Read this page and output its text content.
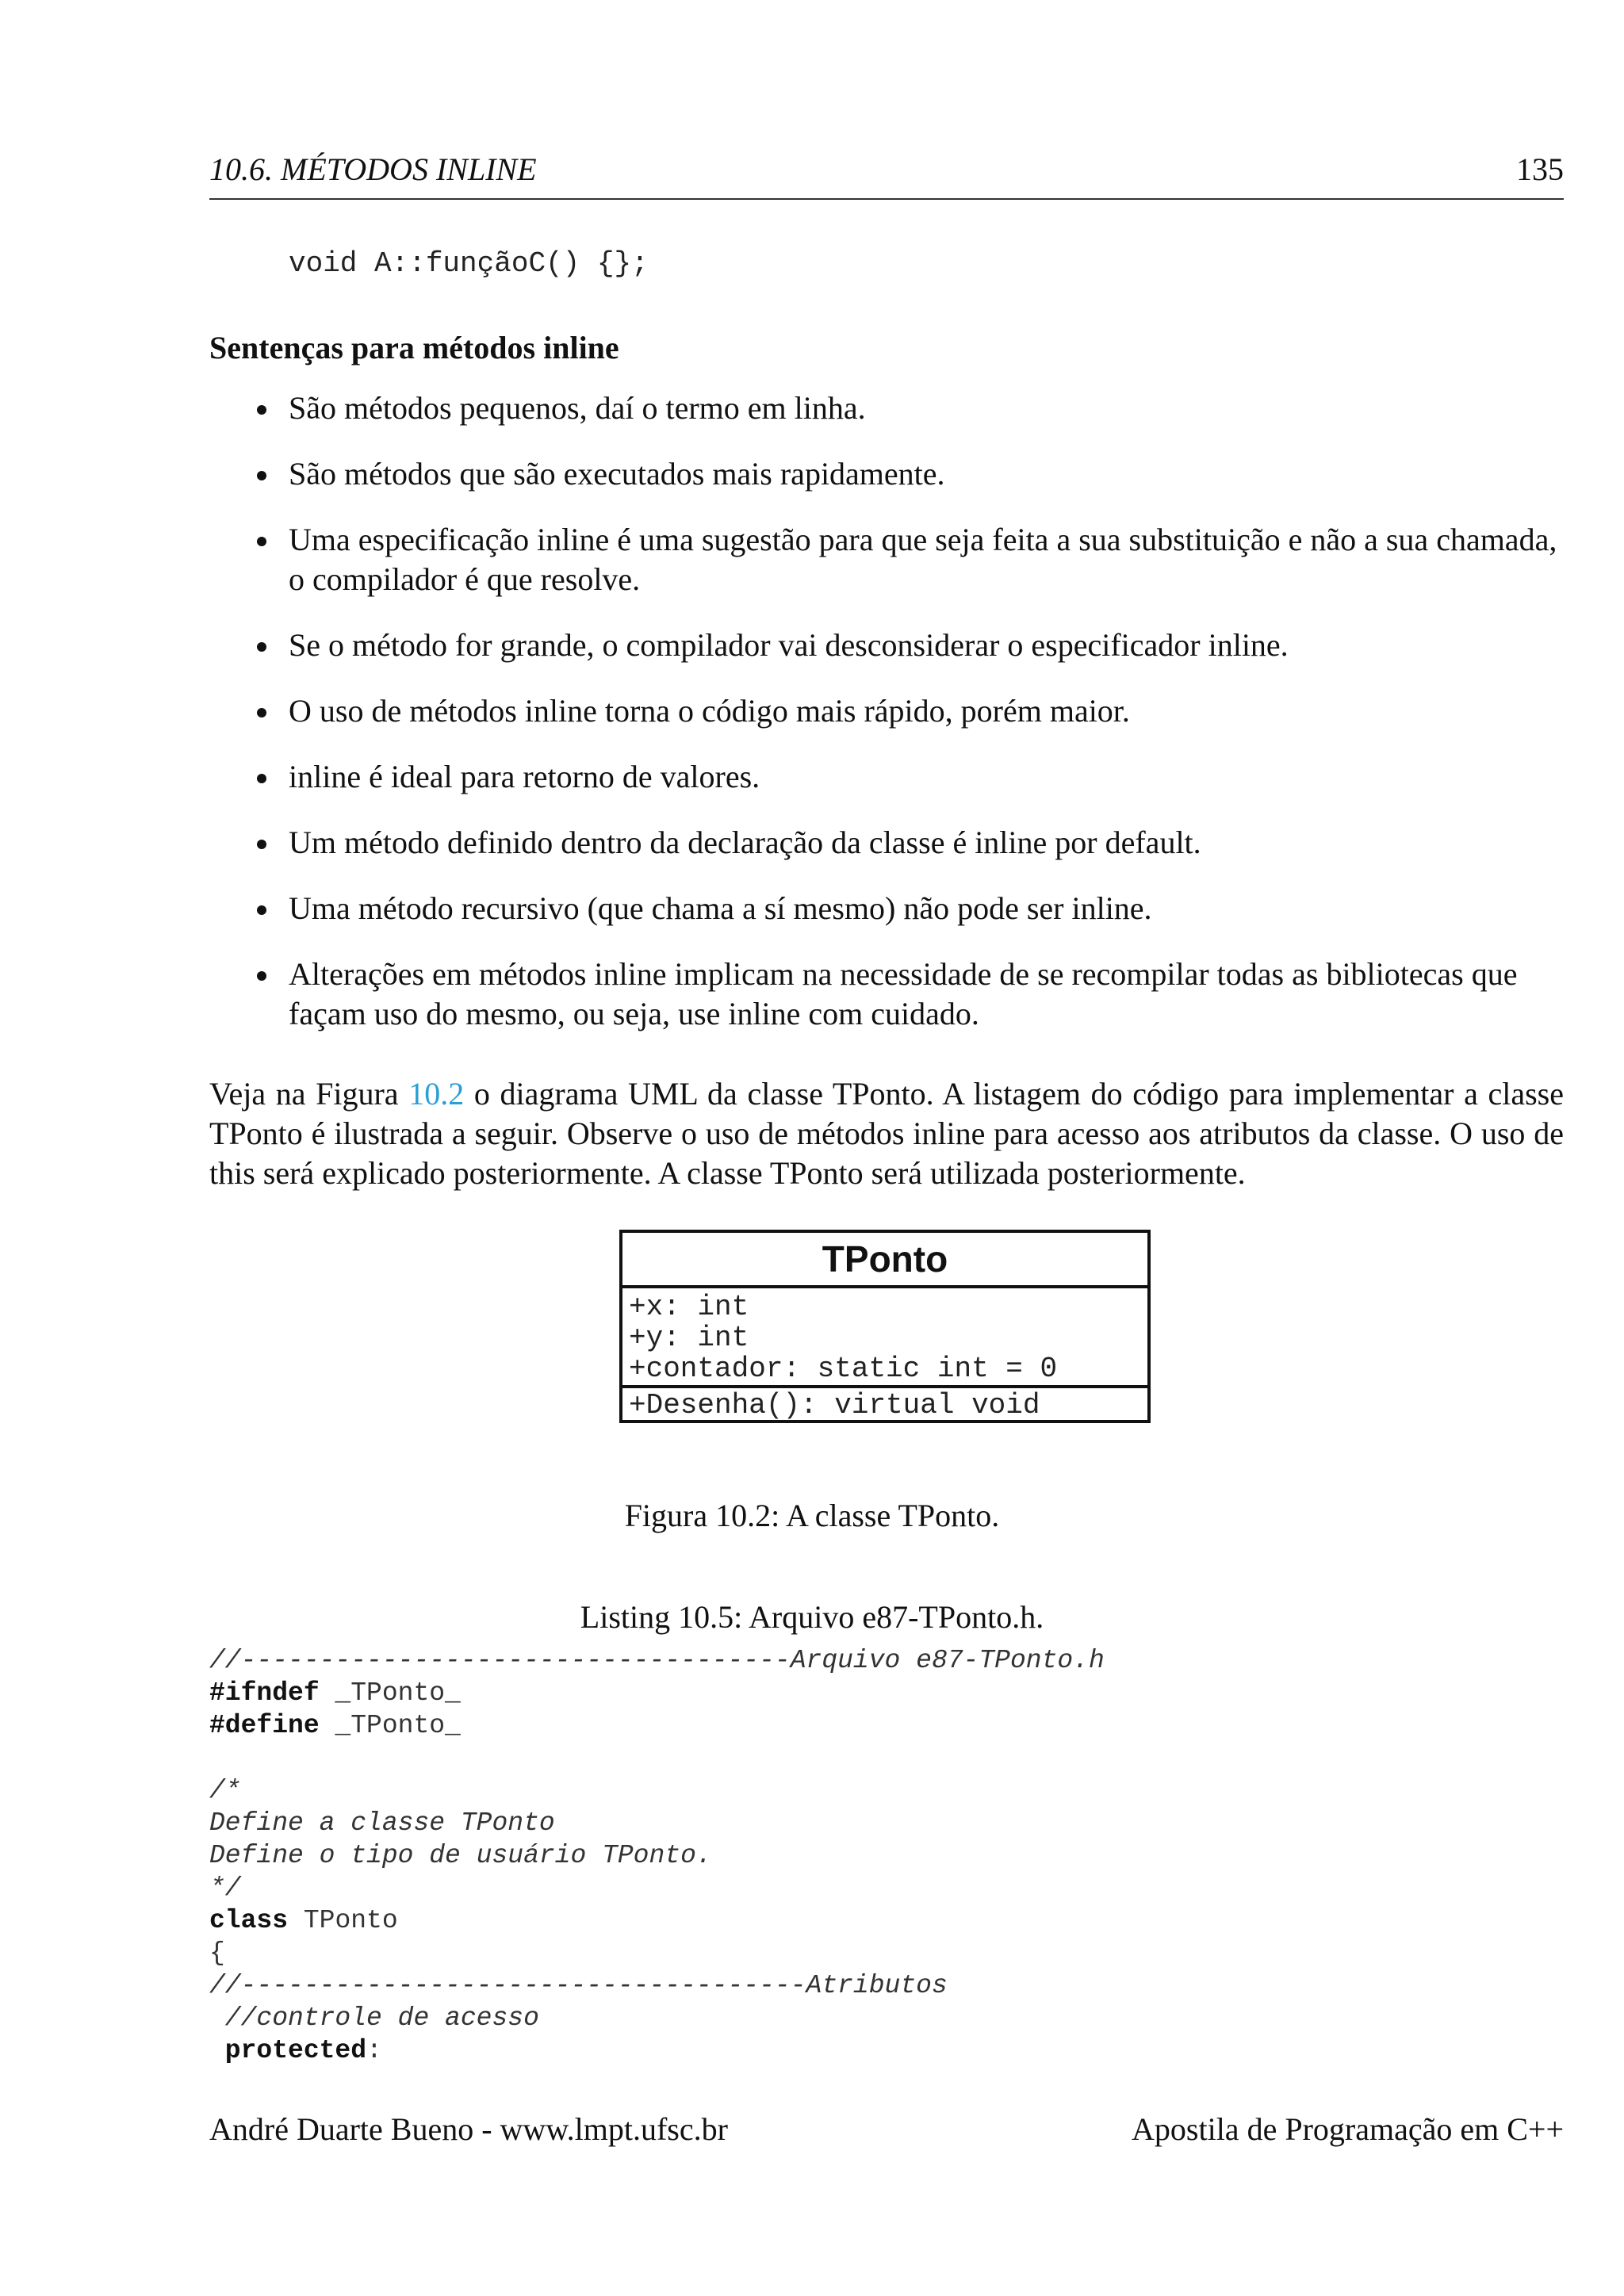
10.6. MÉTODOS INLINE	135
void A::funçãoC() {};
Sentenças para métodos inline
São métodos pequenos, daí o termo em linha.
São métodos que são executados mais rapidamente.
Uma especificação inline é uma sugestão para que seja feita a sua substituição e não a sua chamada, o compilador é que resolve.
Se o método for grande, o compilador vai desconsiderar o especificador inline.
O uso de métodos inline torna o código mais rápido, porém maior.
inline é ideal para retorno de valores.
Um método definido dentro da declaração da classe é inline por default.
Uma método recursivo (que chama a sí mesmo) não pode ser inline.
Alterações em métodos inline implicam na necessidade de se recompilar todas as bibliotecas que façam uso do mesmo, ou seja, use inline com cuidado.

Veja na Figura 10.2 o diagrama UML da classe TPonto. A listagem do código para implementar a classe TPonto é ilustrada a seguir. Observe o uso de métodos inline para acesso aos atributos da classe. O uso de this será explicado posteriormente. A classe TPonto será utilizada posteriormente.

TPonto
+x: int
+y: int
+contador: static int = 0
+Desenha(): virtual void
Figura 10.2: A classe TPonto.
Listing 10.5: Arquivo e87-TPonto.h.
//-----------------------------------Arquivo e87-TPonto.h
#ifndef _TPonto_
#define _TPonto_
/*
Define a classe TPonto
Define o tipo de usuário TPonto.
*/
class TPonto
{
//------------------------------------Atributos
//controle de acesso
protected:
André Duarte Bueno - www.lmpt.ufsc.br	Apostila de Programação em C++
